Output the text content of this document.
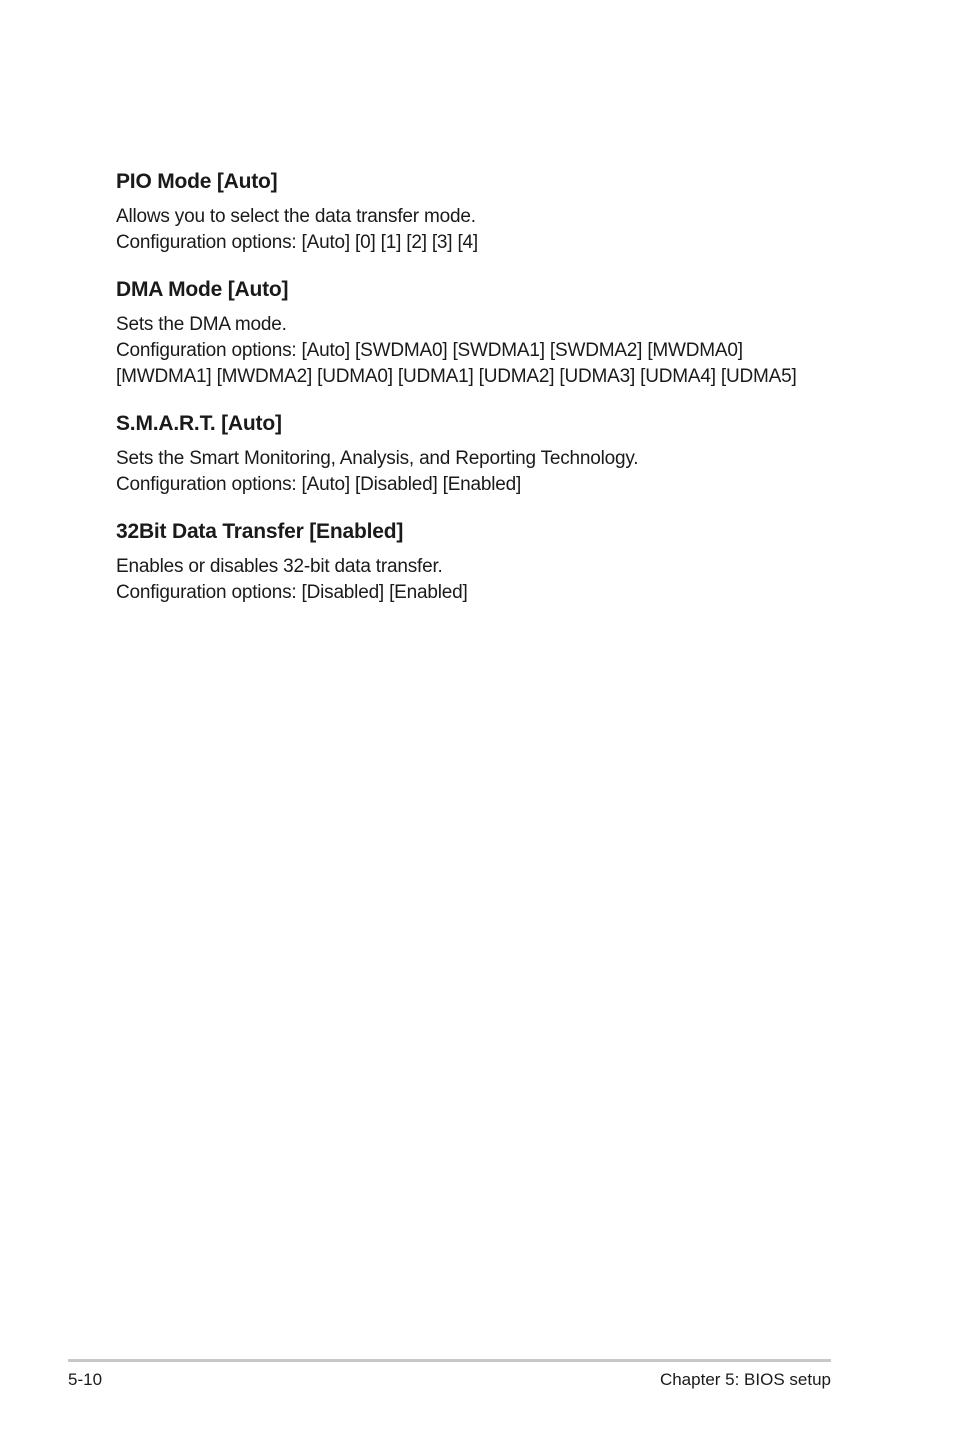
PIO Mode [Auto]

Allows you to select the data transfer mode.

Configuration options: [Auto] [0] [1] [2] [3] [4]

DMA Mode [Auto]

Sets the DMA mode.

Configuration options: [Auto] [SWDMA0] [SWDMA1] [SWDMA2] [MWDMA0]

[MWDMA1] [MWDMA2] [UDMA0] [UDMA1] [UDMA2] [UDMA3] [UDMA4] [UDMA5]

S.M.A.R.T. [Auto]

Sets the Smart Monitoring, Analysis, and Reporting Technology.

Configuration options: [Auto] [Disabled] [Enabled]

32Bit Data Transfer [Enabled]

Enables or disables 32-bit data transfer.

Configuration options: [Disabled] [Enabled]

5-10	Chapter 5: BIOS setup
